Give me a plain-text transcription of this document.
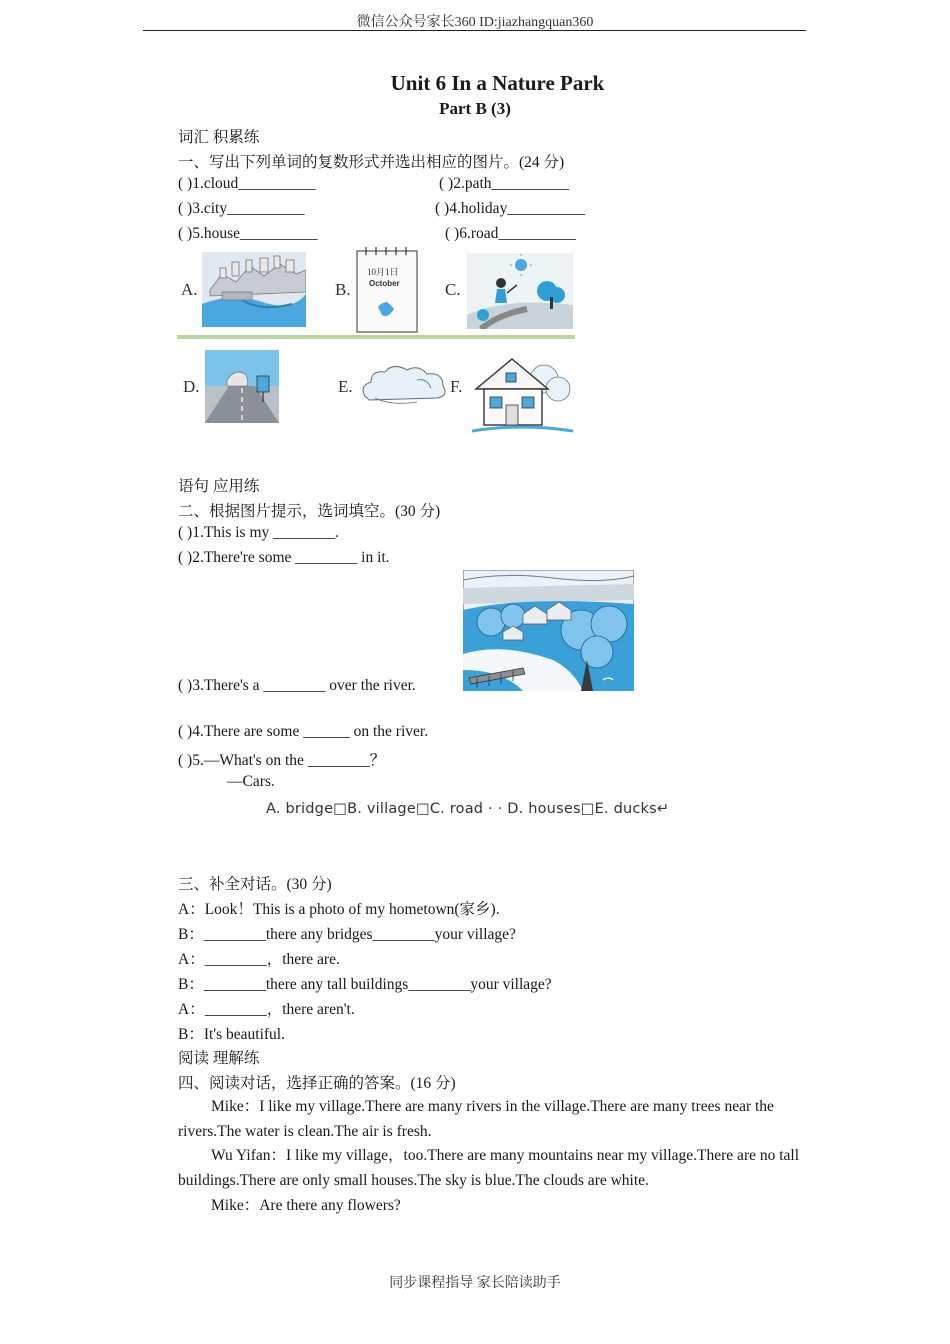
微信公众号家长360 ID:jiazhangquan360
Unit 6 In a Nature Park
Part B (3)
词汇 积累练
一、写出下列单词的复数形式并选出相应的图片。(24 分)
( )1.cloud__________	( )2.path__________
( )3.city__________	( )4.holiday__________
( )5.house__________	( )6.road__________
A.	B.
10月1日
October	C.
D.	E.	F.
语句 应用练
二、根据图片提示，选词填空。(30 分)
( )1.This is my ________.
( )2.There're some ________ in it.
( )3.There's a ________ over the river.
( )4.There are some ______ on the river.
( )5.—What's on the ________？
—Cars.
A. bridge□B. village□C. road · · D. houses□E. ducks↵
三、补全对话。(30 分)
A：Look！This is a photo of my hometown(家乡).
B：________there any bridges________your village?
A：________，there are.
B：________there any tall buildings________your village?
A：________，there aren't.
B：It's beautiful.
阅读 理解练
四、阅读对话，选择正确的答案。(16 分)
Mike：I like my village.There are many rivers in the village.There are many trees near the rivers.The water is clean.The air is fresh.
Wu Yifan：I like my village，too.There are many mountains near my village.There are no tall buildings.There are only small houses.The sky is blue.The clouds are white.
Mike：Are there any flowers?
同步课程指导 家长陪读助手
